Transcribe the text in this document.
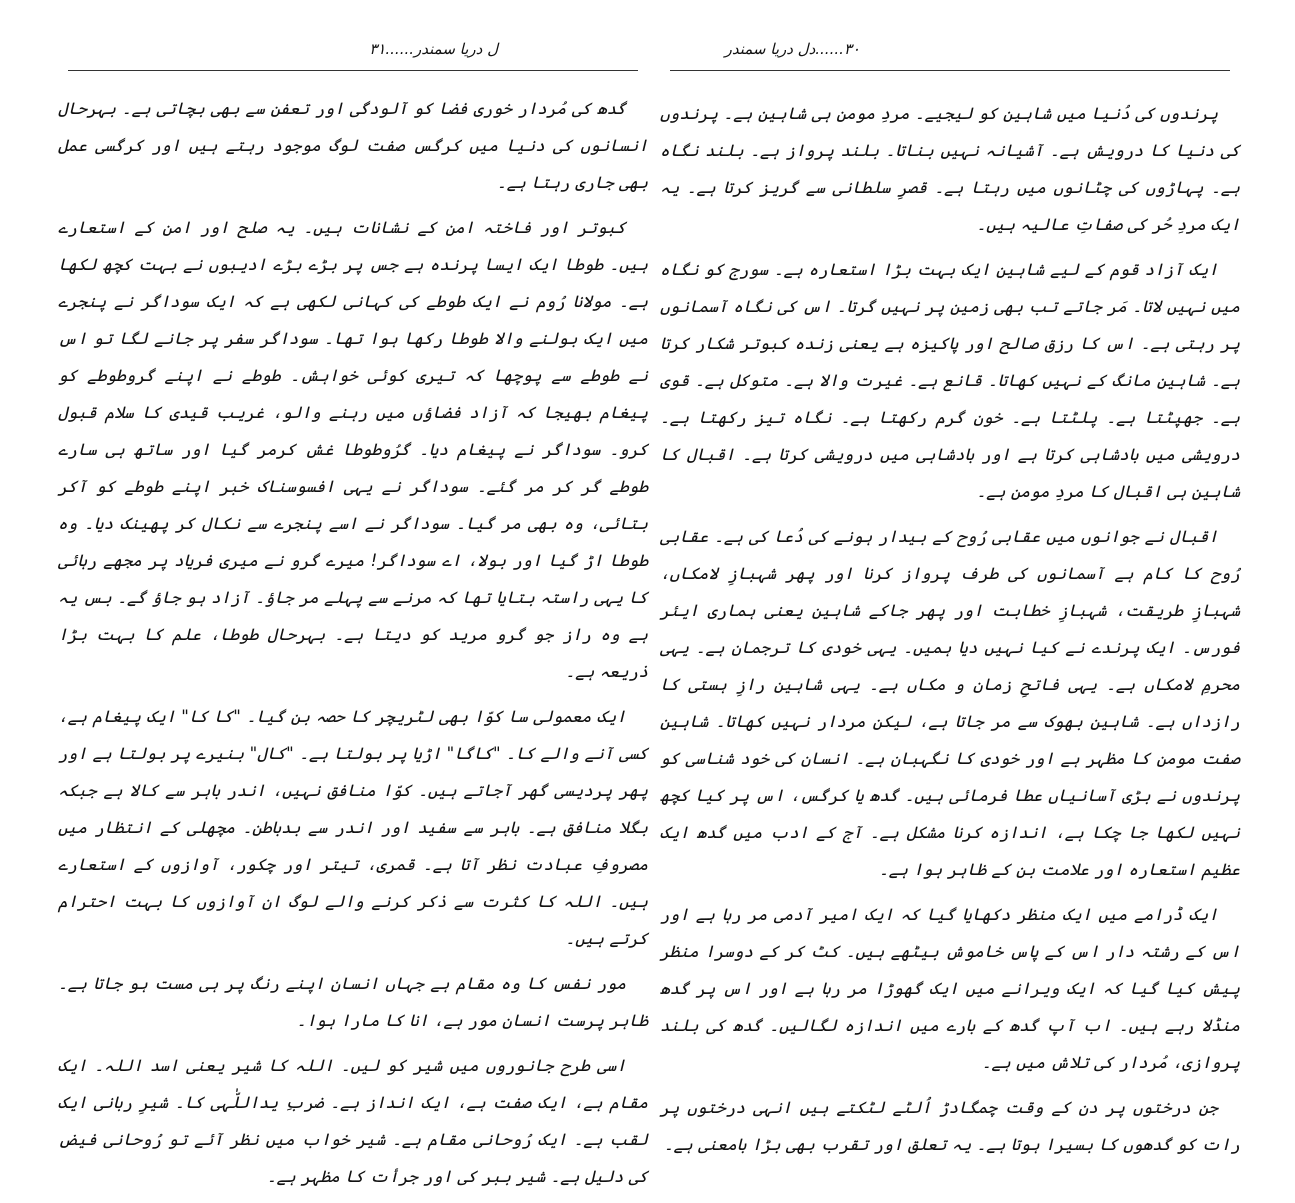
ل دریا سمندر......۳۱

گدھ کی مُردار خوری فضا کو آلودگی اور تعفن سے بھی بچاتی ہے۔ بہرحال انسانوں کی دنیا میں کرگس صفت لوگ موجود رہتے ہیں اور کرگسی عمل بھی جاری رہتا ہے۔

کبوتر اور فاختہ امن کے نشانات ہیں۔ یہ صلح اور امن کے استعارے ہیں۔ طوطا ایک ایسا پرندہ ہے جس پر بڑے بڑے ادیبوں نے بہت کچھ لکھا ہے۔ مولانا رُوم نے ایک طوطے کی کہانی لکھی ہے کہ ایک سوداگر نے پنجرے میں ایک بولنے والا طوطا رکھا ہوا تھا۔ سوداگر سفر پر جانے لگا تو اس نے طوطے سے پوچھا کہ تیری کوئی خواہش۔ طوطے نے اپنے گروطوطے کو پیغام بھیجا کہ آزاد فضاؤں میں رہنے والو، غریب قیدی کا سلام قبول کرو۔ سوداگر نے پیغام دیا۔ گرُوطوطا غش کرمر گیا اور ساتھ ہی سارے طوطے گر کر مر گئے۔ سوداگر نے یہی افسوسناک خبر اپنے طوطے کو آکر بتائی، وہ بھی مر گیا۔ سوداگر نے اسے پنجرے سے نکال کر پھینک دیا۔ وہ طوطا اڑ گیا اور بولا، اے سوداگر! میرے گرو نے میری فریاد پر مجھے رہائی کا یہی راستہ بتایا تھا کہ مرنے سے پہلے مر جاؤ۔ آزاد ہو جاؤ گے۔ بس یہ ہے وہ راز جو گرو مرید کو دیتا ہے۔ بہرحال طوطا، علم کا بہت بڑا ذریعہ ہے۔

ایک معمولی سا کوّا بھی لٹریچر کا حصہ بن گیا۔ "کا کا" ایک پیغام ہے، کسی آنے والے کا۔ "کاگا" اڑیا پر بولتا ہے۔ "کال" بنیرے پر بولتا ہے اور پھر پردیسی گھر آجاتے ہیں۔ کوّا منافق نہیں، اندر باہر سے کالا ہے جبکہ بگلا منافق ہے۔ باہر سے سفید اور اندر سے بدباطن۔ مچھلی کے انتظار میں مصروفِ عبادت نظر آتا ہے۔ قمری، تیتر اور چکور، آوازوں کے استعارے ہیں۔ اللہ کا کثرت سے ذکر کرنے والے لوگ ان آوازوں کا بہت احترام کرتے ہیں۔

مور نفس کا وہ مقام ہے جہاں انسان اپنے رنگ پر ہی مست ہو جاتا ہے۔ ظاہر پرست انسان مور ہے، انا کا مارا ہوا۔

اسی طرح جانوروں میں شیر کو لیں۔ اللہ کا شیر یعنی اسد اللہ۔ ایک مقام ہے، ایک صفت ہے، ایک انداز ہے۔ ضربِ یداللّٰہی کا۔ شیرِ ربانی ایک لقب ہے۔ ایک رُوحانی مقام ہے۔ شیر خواب میں نظر آئے تو رُوحانی فیض کی دلیل ہے۔ شیر ببر کی اور جرأت کا مظہر ہے۔

۳۰......دل دریا سمندر

پرندوں کی دُنیا میں شاہین کو لیجیے۔ مردِ مومن ہی شاہین ہے۔ پرندوں کی دنیا کا درویش ہے۔ آشیانہ نہیں بناتا۔ بلند پرواز ہے۔ بلند نگاہ ہے۔ پہاڑوں کی چٹانوں میں رہتا ہے۔ قصرِ سلطانی سے گریز کرتا ہے۔ یہ ایک مردِ حُر کی صفاتِ عالیہ ہیں۔

ایک آزاد قوم کے لیے شاہین ایک بہت بڑا استعارہ ہے۔ سورج کو نگاہ میں نہیں لاتا۔ مَر جاتے تب بھی زمین پر نہیں گرتا۔ اس کی نگاہ آسمانوں پر رہتی ہے۔ اس کا رزق صالح اور پاکیزہ ہے یعنی زندہ کبوتر شکار کرتا ہے۔ شاہین مانگ کے نہیں کھاتا۔ قانع ہے۔ غیرت والا ہے۔ متوکل ہے۔ قوی ہے۔ جھپٹتا ہے۔ پلٹتا ہے۔ خون گرم رکھتا ہے۔ نگاہ تیز رکھتا ہے۔ درویشی میں بادشاہی کرتا ہے اور بادشاہی میں درویشی کرتا ہے۔ اقبال کا شاہین ہی اقبال کا مردِ مومن ہے۔

اقبال نے جوانوں میں عقابی رُوح کے بیدار ہونے کی دُعا کی ہے۔ عقابی رُوح کا کام ہے آسمانوں کی طرف پرواز کرنا اور پھر شہبازِ لامکاں، شہبازِ طریقت، شہبازِ خطابت اور پھر جاکے شاہین یعنی ہماری ایئر فورس۔ ایک پرندے نے کیا نہیں دیا ہمیں۔ یہی خودی کا ترجمان ہے۔ یہی محرمِ لامکاں ہے۔ یہی فاتحِ زمان و مکاں ہے۔ یہی شاہین رازِ ہستی کا رازداں ہے۔ شاہین بھوک سے مر جاتا ہے، لیکن مردار نہیں کھاتا۔ شاہین صفت مومن کا مظہر ہے اور خودی کا نگہبان ہے۔ انسان کی خود شناسی کو پرندوں نے بڑی آسانیاں عطا فرمائی ہیں۔ گدھ یا کرگس، اس پر کیا کچھ نہیں لکھا جا چکا ہے، اندازہ کرنا مشکل ہے۔ آج کے ادب میں گدھ ایک عظیم استعارہ اور علامت بن کے ظاہر ہوا ہے۔

ایک ڈرامے میں ایک منظر دکھایا گیا کہ ایک امیر آدمی مر رہا ہے اور اس کے رشتہ دار اس کے پاس خاموش بیٹھے ہیں۔ کٹ کر کے دوسرا منظر پیش کیا گیا کہ ایک ویرانے میں ایک گھوڑا مر رہا ہے اور اس پر گدھ منڈلا رہے ہیں۔ اب آپ گدھ کے بارے میں اندازہ لگالیں۔ گدھ کی بلند پروازی، مُردار کی تلاش میں ہے۔

جن درختوں پر دن کے وقت چمگادڑ اُلٹے لٹکتے ہیں انہی درختوں پر رات کو گدھوں کا بسیرا ہوتا ہے۔ یہ تعلق اور تقرب بھی بڑا بامعنی ہے۔
